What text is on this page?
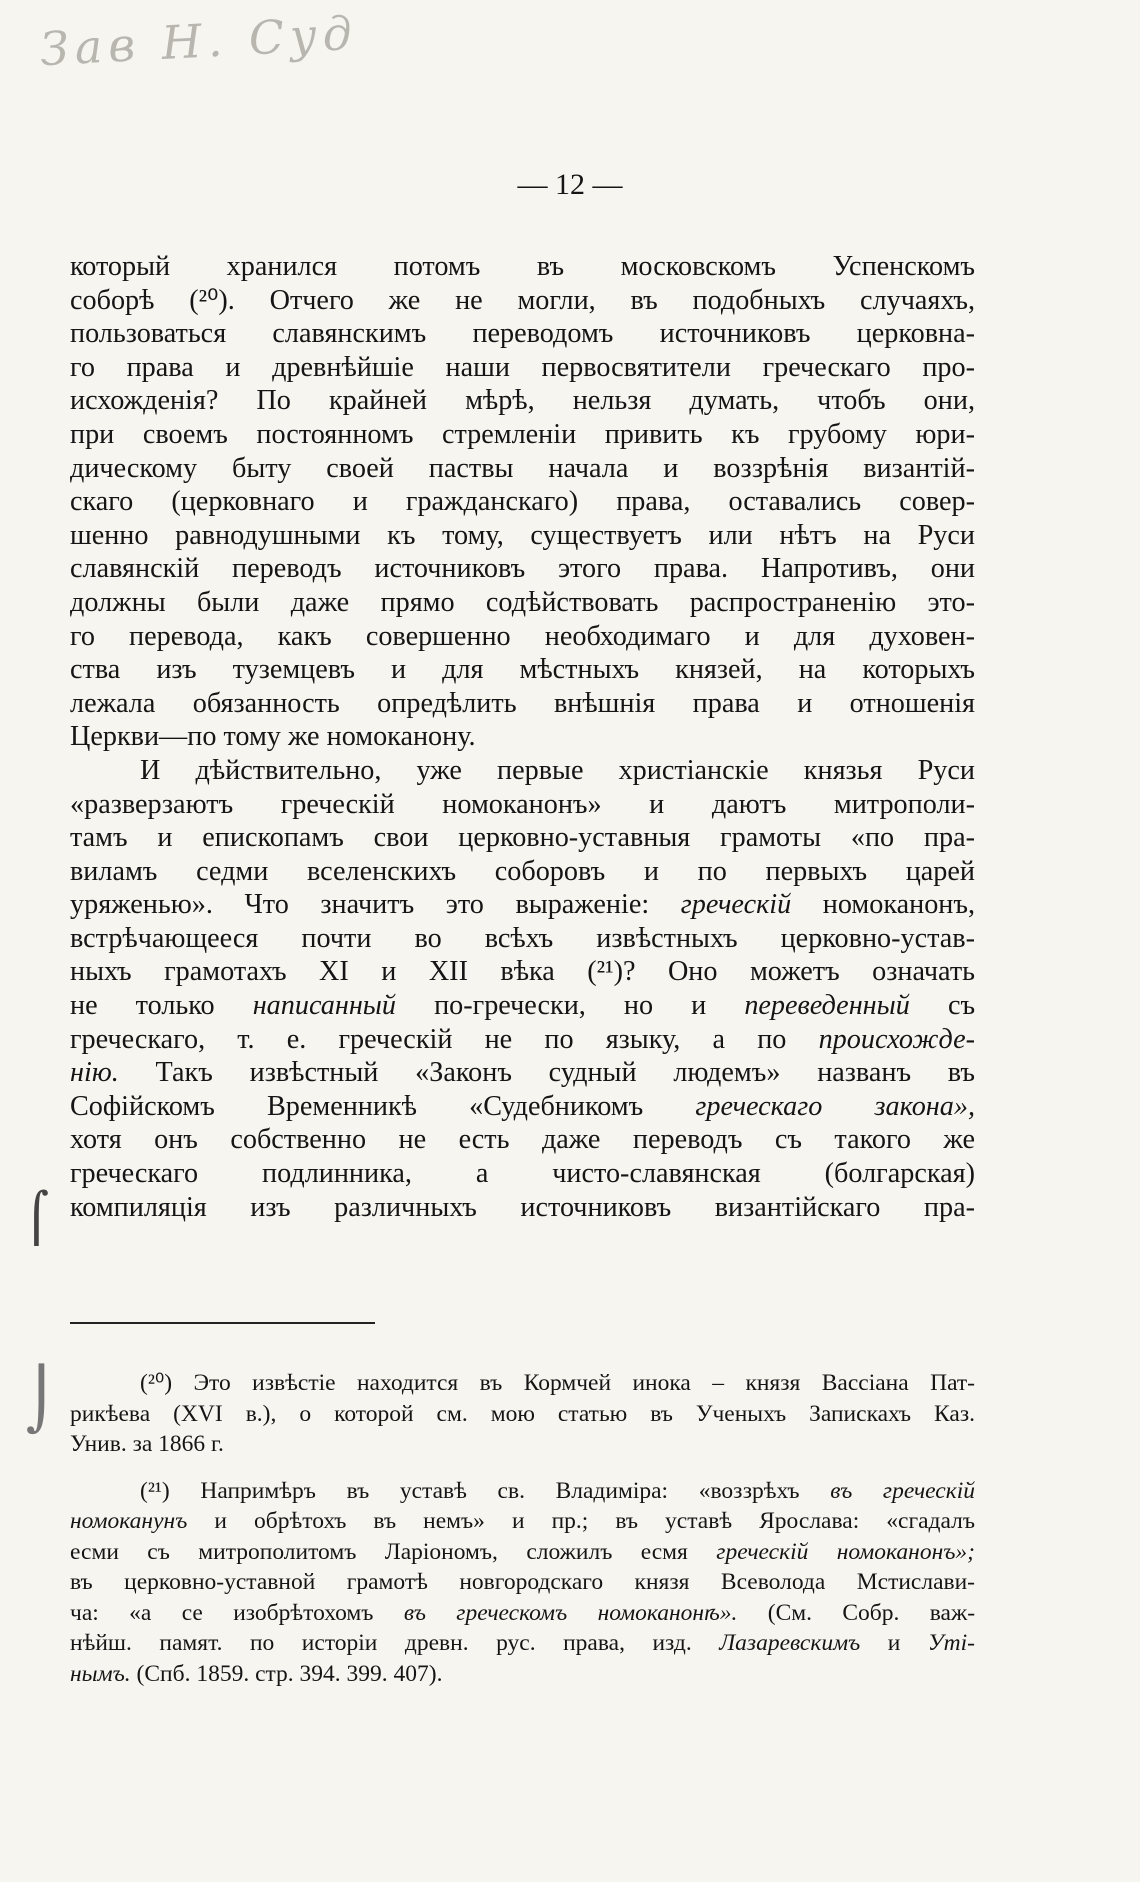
Зав Н. Суд
— 12 —
который хранился потомъ въ московскомъ Успенскомъ
соборѣ (²⁰). Отчего же не могли, въ подобныхъ случаяхъ,
пользоваться славянскимъ переводомъ источниковъ церковна-
го права и древнѣйшіе наши первосвятители греческаго про-
исхожденія? По крайней мѣрѣ, нельзя думать, чтобъ они,
при своемъ постоянномъ стремленіи привить къ грубому юри-
дическому быту своей паствы начала и воззрѣнія византій-
скаго (церковнаго и гражданскаго) права, оставались совер-
шенно равнодушными къ тому, существуетъ или нѣтъ на Руси
славянскій переводъ источниковъ этого права. Напротивъ, они
должны были даже прямо содѣйствовать распространенію это-
го перевода, какъ совершенно необходимаго и для духовен-
ства изъ туземцевъ и для мѣстныхъ князей, на которыхъ
лежала обязанность опредѣлить внѣшнія права и отношенія
Церкви—по тому же номоканону.
И дѣйствительно, уже первые христіанскіе князья Руси
«разверзаютъ греческій номоканонъ» и даютъ митрополи-
тамъ и епископамъ свои церковно-уставныя грамоты «по пра-
виламъ седми вселенскихъ соборовъ и по первыхъ царей
уряженью». Что значитъ это выраженіе: греческій номоканонъ,
встрѣчающееся почти во всѣхъ извѣстныхъ церковно-устав-
ныхъ грамотахъ XI и XII вѣка (²¹)? Оно можетъ означать
не только написанный по-гречески, но и переведенный съ
греческаго, т. е. греческій не по языку, а по происхожде-
нію. Такъ извѣстный «Законъ судный людемъ» названъ въ
Софійскомъ Временникѣ «Судебникомъ греческаго закона»,
хотя онъ собственно не есть даже переводъ съ такого же
греческаго подлинника, а чисто-славянская (болгарская)
компиляція изъ различныхъ источниковъ византійскаго пра-
(²⁰) Это извѣстіе находится въ Кормчей инока – князя Вассіана Пат-
рикѣева (XVI в.), о которой см. мою статью въ Ученыхъ Запискахъ Каз.
Унив. за 1866 г.
(²¹) Напримѣръ въ уставѣ св. Владиміра: «воззрѣхъ въ греческій
номоканунъ и обрѣтохъ въ немъ» и пр.; въ уставѣ Ярослава: «сгадалъ
есми съ митрополитомъ Ларіономъ, сложилъ есмя греческій номоканонъ»;
въ церковно-уставной грамотѣ новгородскаго князя Всеволода Мстислави-
ча: «а се изобрѣтохомъ въ греческомъ номоканонѣ». (См. Собр. важ-
нѣйш. памят. по исторіи древн. рус. права, изд. Лазаревскимъ и Уті-
нымъ. (Спб. 1859. стр. 394. 399. 407).
⌠
⌡
